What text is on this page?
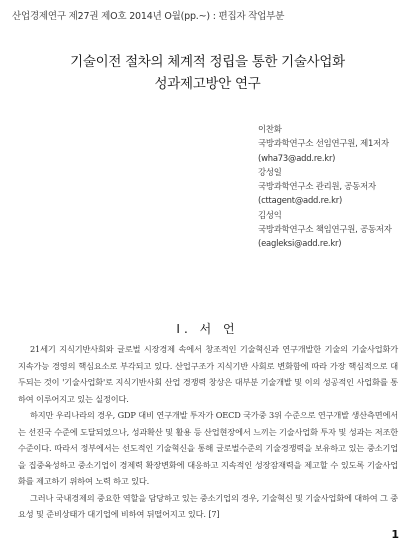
산업경제연구 제27권 제O호 2014년 O월(pp.~) : 편집자 작업부분
기술이전 절차의 체계적 정립을 통한 기술사업화
성과제고방안 연구
이찬화
국방과학연구소 선임연구원, 제1저자
(wha73@add.re.kr)
강성일
국방과학연구소 관리원, 공동저자
(cttagent@add.re.kr)
김성익
국방과학연구소 책임연구원, 공동저자
(eagleksi@add.re.kr)
Ⅰ. 서 언

21세기 지식기반사회와 글로벌 시장경제 속에서 창조적인 기술혁신과 연구개발한 기술의 기술사업화가 지속가능 경영의 핵심요소로 부각되고 있다. 산업구조가 지식기반 사회로 변화함에 따라 가장 핵심적으로 대두되는 것이 '기술사업화'로 지식기반사회 산업 경쟁력 창상은 대부분 기술개발 및 이의 성공적인 사업화를 통하여 이루어지고 있는 실정이다.

하지만 우리나라의 경우, GDP 대비 연구개발 투자가 OECD 국가중 3위 수준으로 연구개발 생산측면에서는 선진국 수준에 도달되었으나, 성과확산 및 활용 등 산업현장에서 느끼는 기술사업화 투자 및 성과는 저조한 수준이다. 따라서 정부에서는 선도적인 기술혁신을 통해 글로벌수준의 기술경쟁력을 보유하고 있는 중소기업을 집중육성하고 중소기업이 경제력 확장변화에 대응하고 지속적인 성장잠재력을 제고할 수 있도록 기술사업화를 제고하기 위하여 노력 하고 있다.

그러나 국내경제의 중요한 역할을 담당하고 있는 중소기업의 경우, 기술혁신 및 기술사업화에 대하여 그 중요성 및 준비상태가 대기업에 비하여 뒤떨어지고 있다. [7]

1
